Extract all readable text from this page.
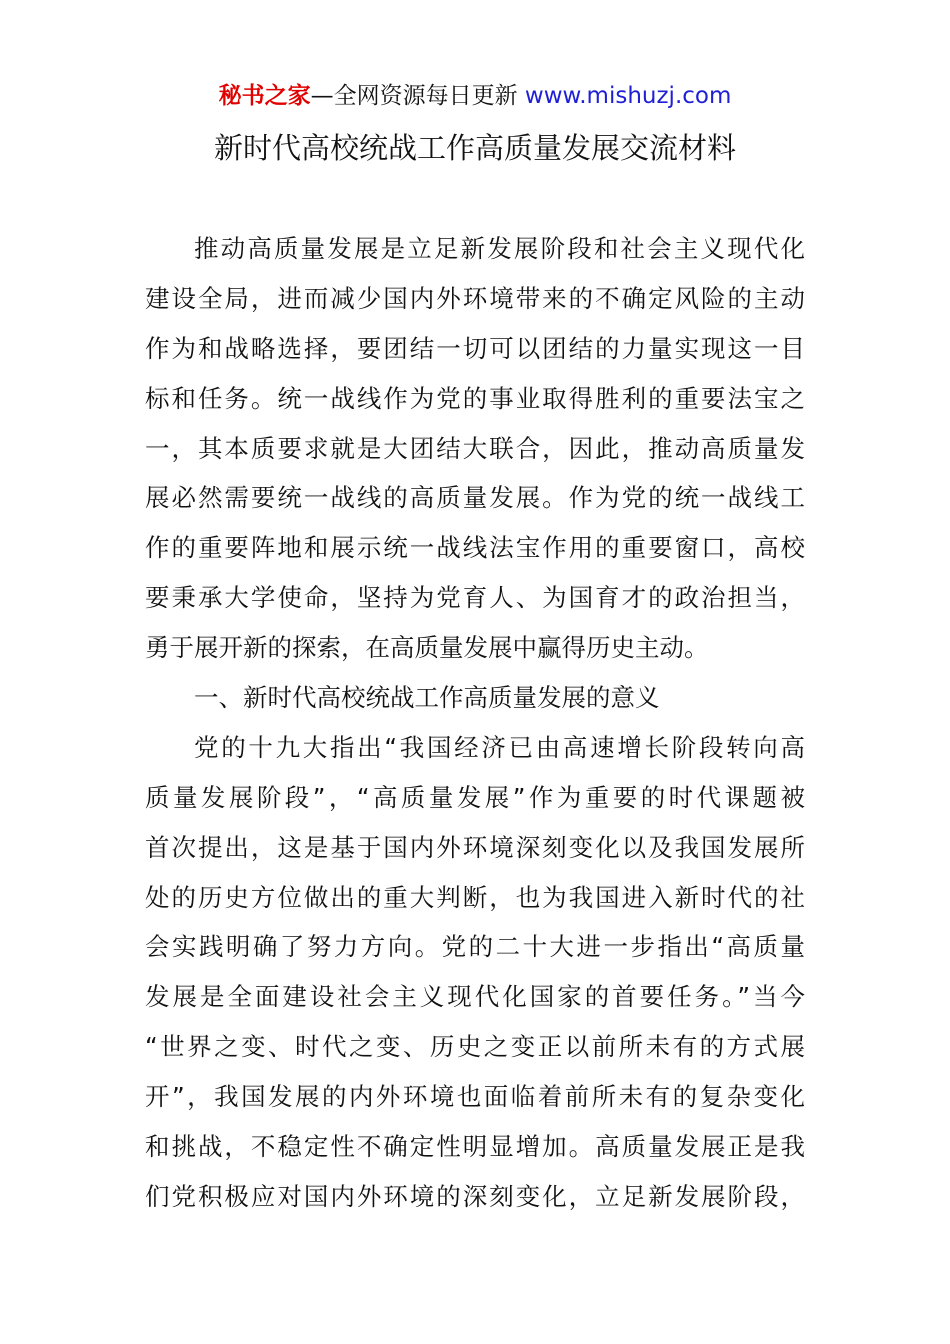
秘书之家—全网资源每日更新 www.mishuzj.com
新时代高校统战工作高质量发展交流材料
推动高质量发展是立足新发展阶段和社会主义现代化
建设全局，进而减少国内外环境带来的不确定风险的主动
作为和战略选择，要团结一切可以团结的力量实现这一目
标和任务。统一战线作为党的事业取得胜利的重要法宝之
一，其本质要求就是大团结大联合，因此，推动高质量发
展必然需要统一战线的高质量发展。作为党的统一战线工
作的重要阵地和展示统一战线法宝作用的重要窗口，高校
要秉承大学使命，坚持为党育人、为国育才的政治担当，
勇于展开新的探索，在高质量发展中赢得历史主动。
一、新时代高校统战工作高质量发展的意义
党的十九大指出“我国经济已由高速增长阶段转向高
质量发展阶段”，“高质量发展”作为重要的时代课题被
首次提出，这是基于国内外环境深刻变化以及我国发展所
处的历史方位做出的重大判断，也为我国进入新时代的社
会实践明确了努力方向。党的二十大进一步指出“高质量
发展是全面建设社会主义现代化国家的首要任务。”当今
“世界之变、时代之变、历史之变正以前所未有的方式展
开”，我国发展的内外环境也面临着前所未有的复杂变化
和挑战，不稳定性不确定性明显增加。高质量发展正是我
们党积极应对国内外环境的深刻变化，立足新发展阶段，
